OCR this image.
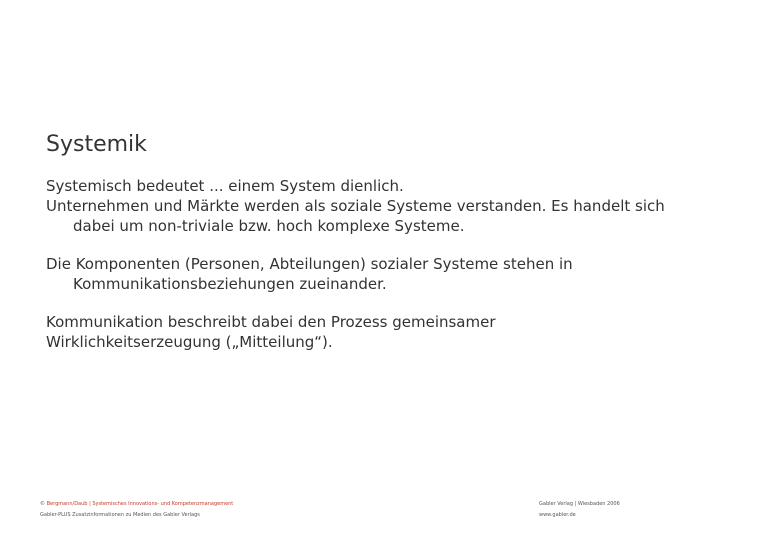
Systemik

Systemisch bedeutet ... einem System dienlich.
Unternehmen und Märkte werden als soziale Systeme verstanden. Es handelt sich
dabei um non-triviale bzw. hoch komplexe Systeme.

Die Komponenten (Personen, Abteilungen) sozialer Systeme stehen in
Kommunikationsbeziehungen zueinander.

Kommunikation beschreibt dabei den Prozess gemeinsamer
Wirklichkeitserzeugung („Mitteilung“).

© Bergmann/Daub | Systemisches Innovations- und Kompetenzmanagement
Gabler-PLUS Zusatzinformationen zu Medien des Gabler Verlags
Gabler Verlag | Wiesbaden 2006
www.gabler.de
